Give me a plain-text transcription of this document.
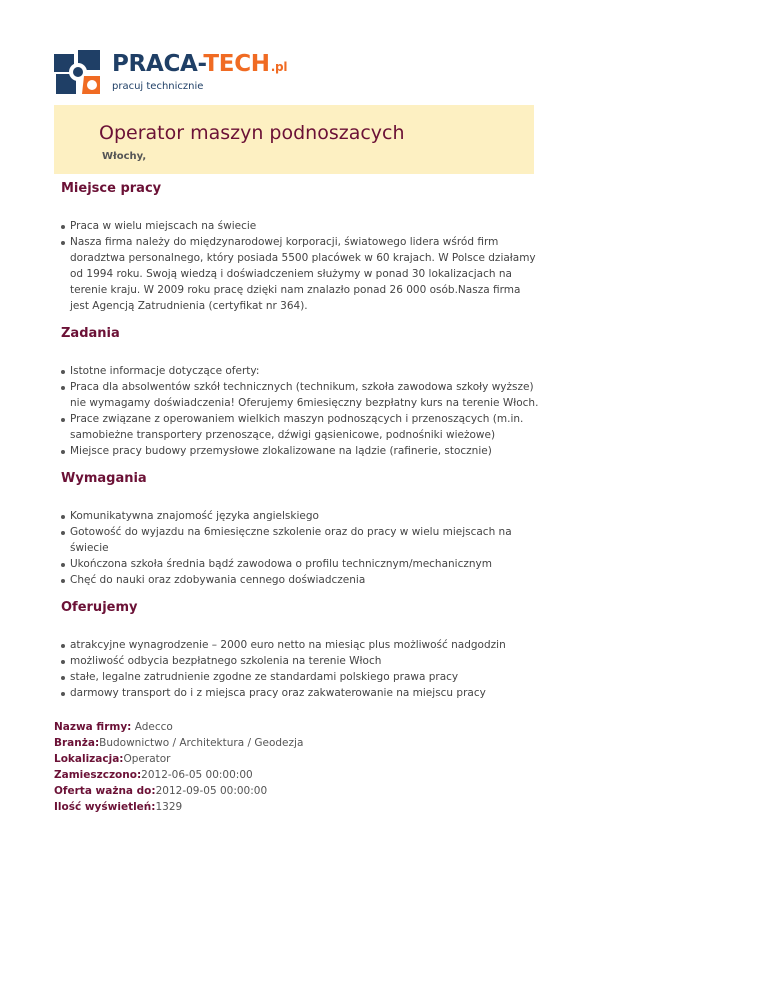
PRACA-TECH.pl
pracuj technicznie
Operator maszyn podnoszacych
Włochy,
Miejsce pracy
Praca w wielu miejscach na świecie
Nasza firma należy do międzynarodowej korporacji, światowego lidera wśród firm doradztwa personalnego, który posiada 5500 placówek w 60 krajach. W Polsce działamy od 1994 roku. Swoją wiedzą i doświadczeniem służymy w ponad 30 lokalizacjach na terenie kraju. W 2009 roku pracę dzięki nam znalazło ponad 26 000 osób.Nasza firma jest Agencją Zatrudnienia (certyfikat nr 364).
Zadania
Istotne informacje dotyczące oferty:
Praca dla absolwentów szkół technicznych (technikum, szkoła zawodowa szkoły wyższe) nie wymagamy doświadczenia! Oferujemy 6miesięczny bezpłatny kurs na terenie Włoch.
Prace związane z operowaniem wielkich maszyn podnoszących i przenoszących (m.in. samobieżne transportery przenoszące, dźwigi gąsienicowe, podnośniki wieżowe)
Miejsce pracy budowy przemysłowe zlokalizowane na lądzie (rafinerie, stocznie)
Wymagania
Komunikatywna znajomość języka angielskiego
Gotowość do wyjazdu na 6miesięczne szkolenie oraz do pracy w wielu miejscach na świecie
Ukończona szkoła średnia bądź zawodowa o profilu technicznym/mechanicznym
Chęć do nauki oraz zdobywania cennego doświadczenia
Oferujemy
atrakcyjne wynagrodzenie – 2000 euro netto na miesiąc plus możliwość nadgodzin
możliwość odbycia bezpłatnego szkolenia na terenie Włoch
stałe, legalne zatrudnienie zgodne ze standardami polskiego prawa pracy
darmowy transport do i z miejsca pracy oraz zakwaterowanie na miejscu pracy
Nazwa firmy: Adecco
Branża:Budownictwo / Architektura / Geodezja
Lokalizacja:Operator
Zamieszczono:2012-06-05 00:00:00
Oferta ważna do:2012-09-05 00:00:00
Ilość wyświetleń:1329
